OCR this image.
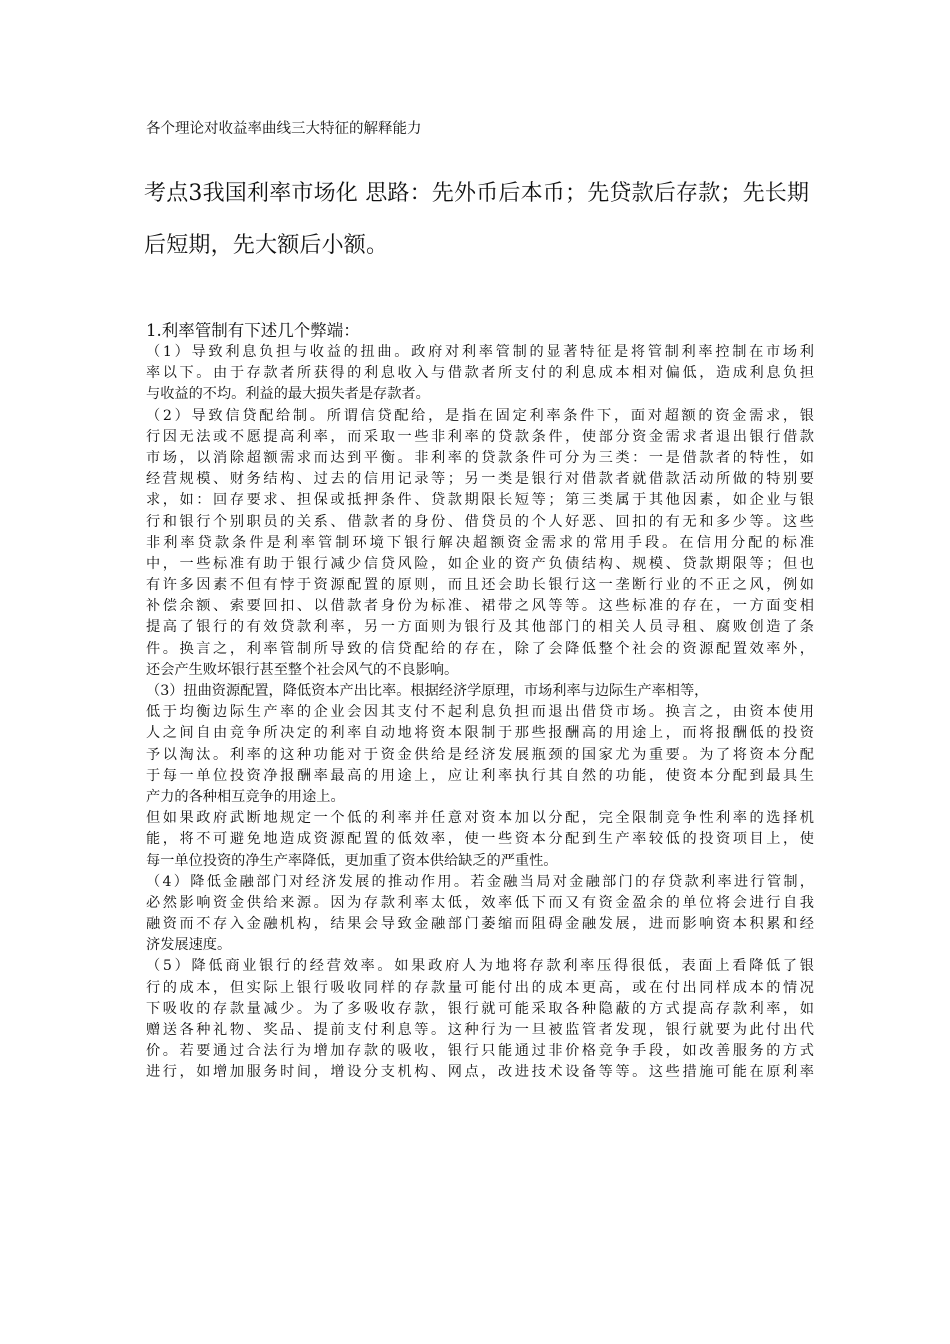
各个理论对收益率曲线三大特征的解释能力
考点3我国利率市场化 思路：先外币后本币；先贷款后存款；先长期
后短期，先大额后小额。
1.利率管制有下述几个弊端：
（1）导致利息负担与收益的扭曲。政府对利率管制的显著特征是将管制利率控制在市场利
率以下。由于存款者所获得的利息收入与借款者所支付的利息成本相对偏低，造成利息负担
与收益的不均。利益的最大损失者是存款者。
（2）导致信贷配给制。所谓信贷配给，是指在固定利率条件下，面对超额的资金需求，银
行因无法或不愿提高利率，而采取一些非利率的贷款条件，使部分资金需求者退出银行借款
市场，以消除超额需求而达到平衡。非利率的贷款条件可分为三类：一是借款者的特性，如
经营规模、财务结构、过去的信用记录等；另一类是银行对借款者就借款活动所做的特别要
求，如：回存要求、担保或抵押条件、贷款期限长短等；第三类属于其他因素，如企业与银
行和银行个别职员的关系、借款者的身份、借贷员的个人好恶、回扣的有无和多少等。这些
非利率贷款条件是利率管制环境下银行解决超额资金需求的常用手段。在信用分配的标准
中，一些标准有助于银行减少信贷风险，如企业的资产负债结构、规模、贷款期限等；但也
有许多因素不但有悖于资源配置的原则，而且还会助长银行这一垄断行业的不正之风，例如
补偿余额、索要回扣、以借款者身份为标准、裙带之风等等。这些标准的存在，一方面变相
提高了银行的有效贷款利率，另一方面则为银行及其他部门的相关人员寻租、腐败创造了条
件。换言之，利率管制所导致的信贷配给的存在，除了会降低整个社会的资源配置效率外，
还会产生败坏银行甚至整个社会风气的不良影响。
（3）扭曲资源配置，降低资本产出比率。根据经济学原理，市场利率与边际生产率相等，
低于均衡边际生产率的企业会因其支付不起利息负担而退出借贷市场。换言之，由资本使用
人之间自由竞争所决定的利率自动地将资本限制于那些报酬高的用途上，而将报酬低的投资
予以淘汰。利率的这种功能对于资金供给是经济发展瓶颈的国家尤为重要。为了将资本分配
于每一单位投资净报酬率最高的用途上，应让利率执行其自然的功能，使资本分配到最具生
产力的各种相互竞争的用途上。
但如果政府武断地规定一个低的利率并任意对资本加以分配，完全限制竞争性利率的选择机
能，将不可避免地造成资源配置的低效率，使一些资本分配到生产率较低的投资项目上，使
每一单位投资的净生产率降低，更加重了资本供给缺乏的严重性。
（4）降低金融部门对经济发展的推动作用。若金融当局对金融部门的存贷款利率进行管制，
必然影响资金供给来源。因为存款利率太低，效率低下而又有资金盈余的单位将会进行自我
融资而不存入金融机构，结果会导致金融部门萎缩而阻碍金融发展，进而影响资本积累和经
济发展速度。
（5）降低商业银行的经营效率。如果政府人为地将存款利率压得很低，表面上看降低了银
行的成本，但实际上银行吸收同样的存款量可能付出的成本更高，或在付出同样成本的情况
下吸收的存款量减少。为了多吸收存款，银行就可能采取各种隐蔽的方式提高存款利率，如
赠送各种礼物、奖品、提前支付利息等。这种行为一旦被监管者发现，银行就要为此付出代
价。若要通过合法行为增加存款的吸收，银行只能通过非价格竞争手段，如改善服务的方式
进行，如增加服务时间，增设分支机构、网点，改进技术设备等等。这些措施可能在原利率
